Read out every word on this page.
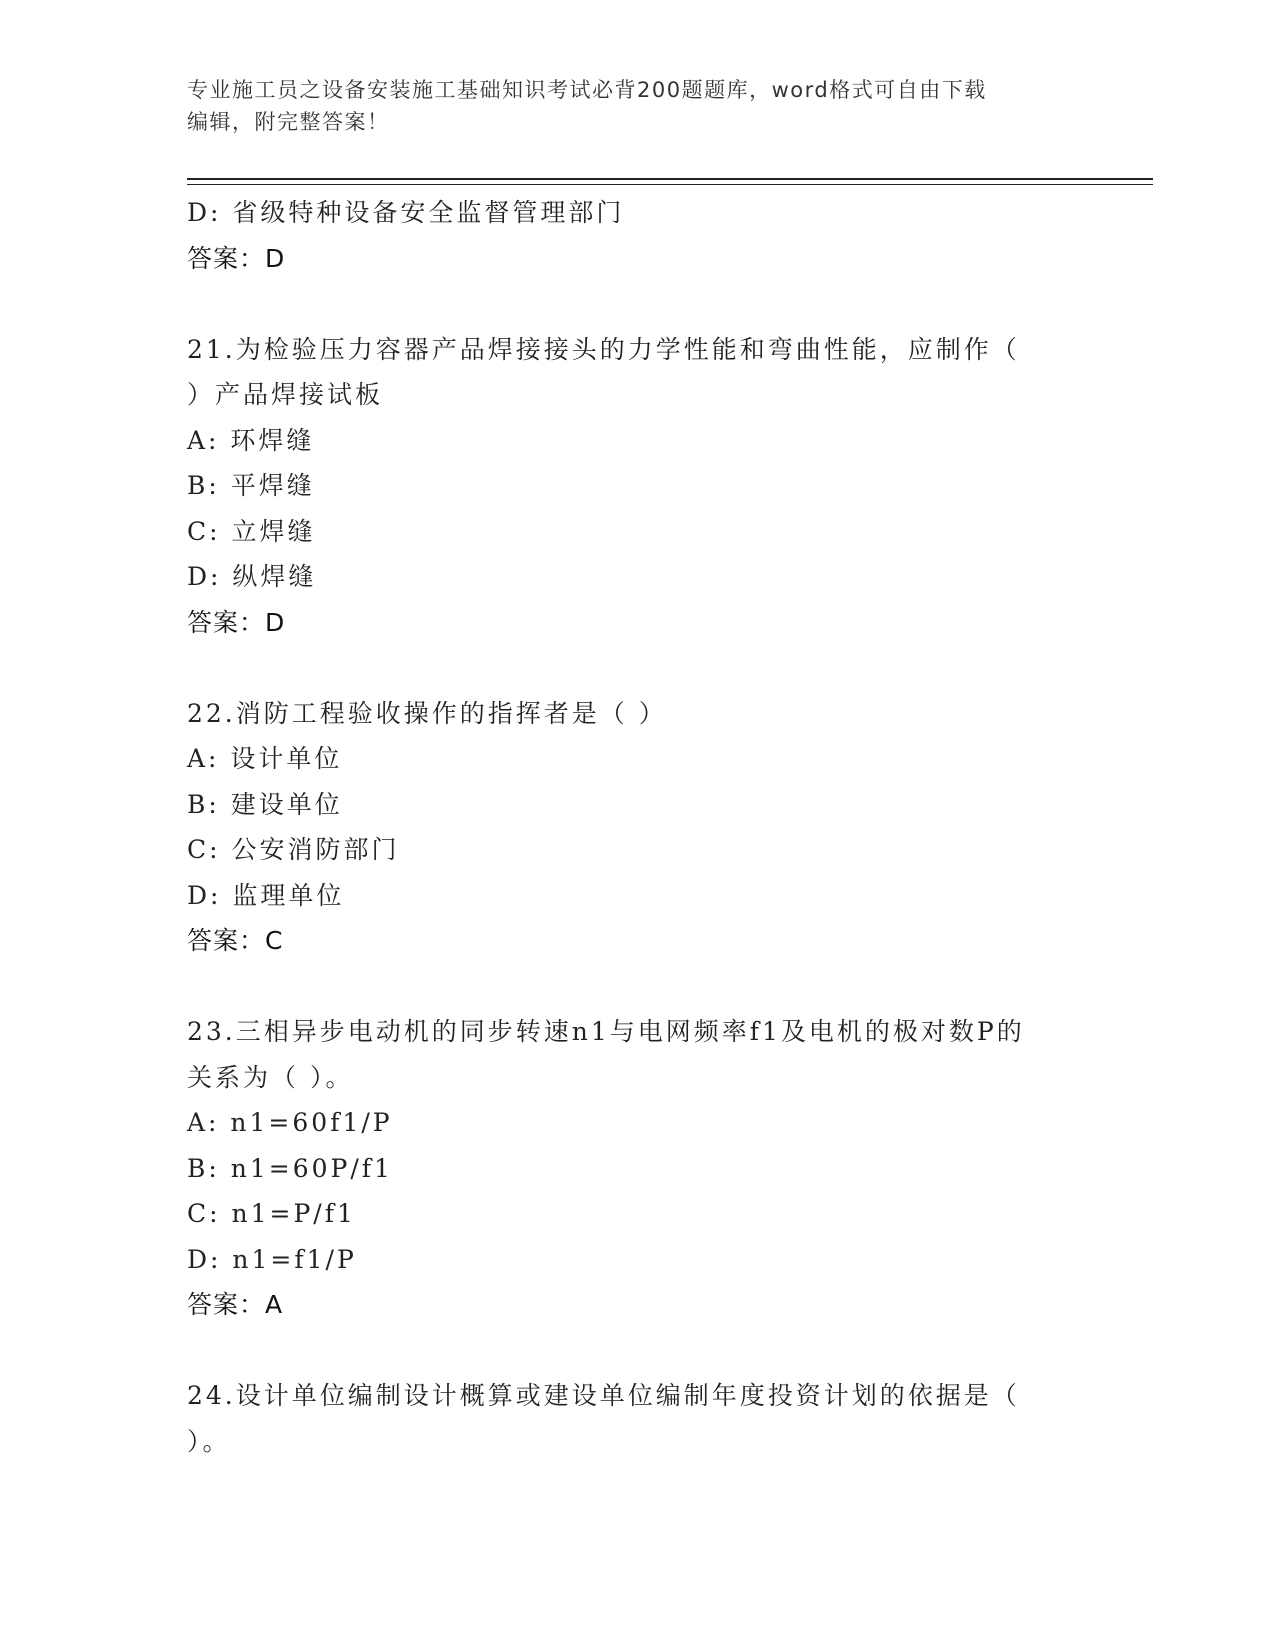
专业施工员之设备安装施工基础知识考试必背200题题库，word格式可自由下载
编辑，附完整答案！
D: 省级特种设备安全监督管理部门
答案：D
21.为检验压力容器产品焊接接头的力学性能和弯曲性能，应制作（
）产品焊接试板
A: 环焊缝
B: 平焊缝
C: 立焊缝
D: 纵焊缝
答案：D
22.消防工程验收操作的指挥者是（ ）
A: 设计单位
B: 建设单位
C: 公安消防部门
D: 监理单位
答案：C
23.三相异步电动机的同步转速n1与电网频率f1及电机的极对数P的
关系为（ ）。
A: n1=60f1/P
B: n1=60P/f1
C: n1=P/f1
D: n1=f1/P
答案：A
24.设计单位编制设计概算或建设单位编制年度投资计划的依据是（
）。
